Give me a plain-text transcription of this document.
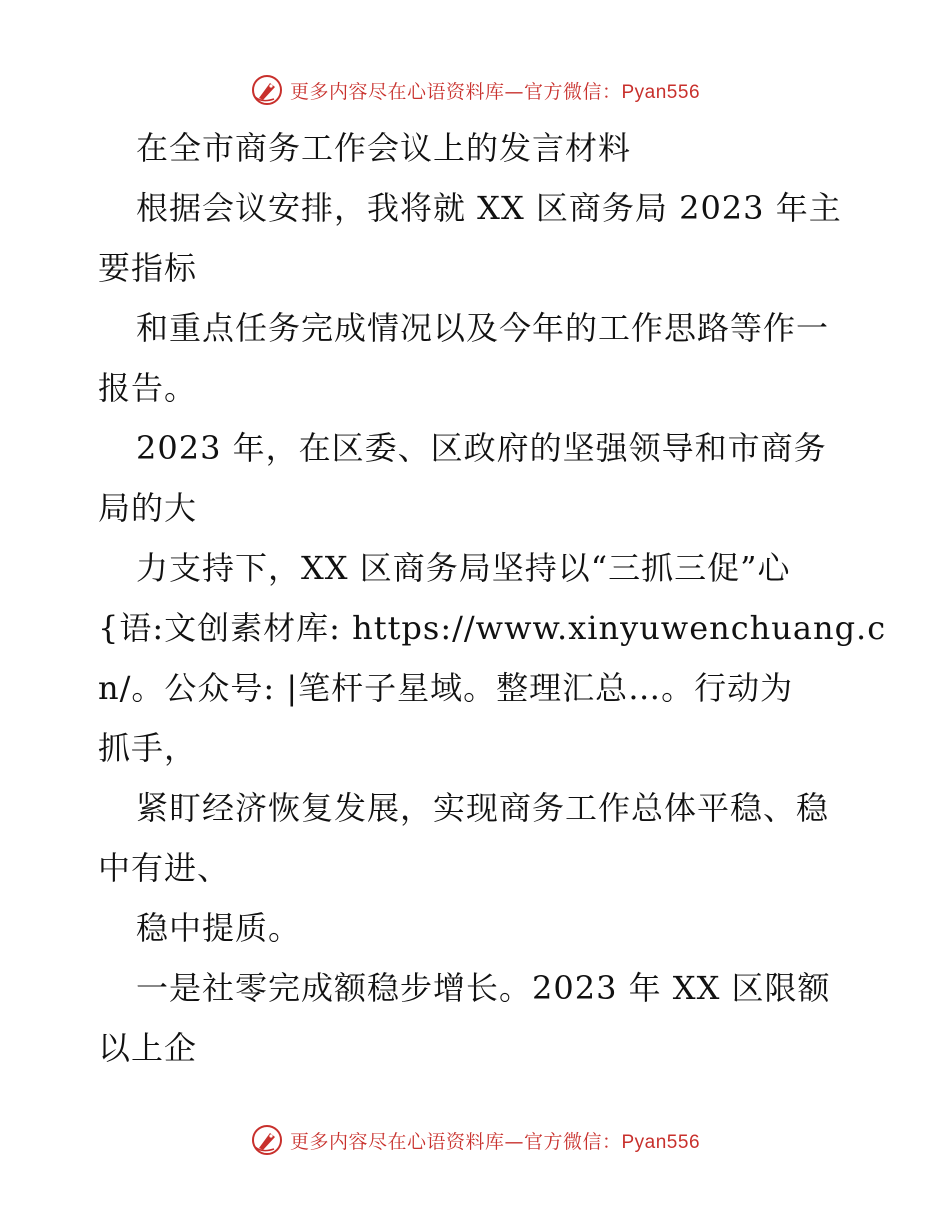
更多内容尽在心语资料库—官方微信：Pyan556
在全市商务工作会议上的发言材料
根据会议安排，我将就 XX 区商务局 2023 年主
要指标
和重点任务完成情况以及今年的工作思路等作一
报告。
2023 年，在区委、区政府的坚强领导和市商务
局的大
力支持下，XX 区商务局坚持以“三抓三促”心
{语:文创素材库: https://www.xinyuwenchuang.c
n/。公众号: |笔杆子星域。整理汇总…。行动为
抓手，
紧盯经济恢复发展，实现商务工作总体平稳、稳
中有进、
稳中提质。
一是社零完成额稳步增长。2023 年 XX 区限额
以上企
更多内容尽在心语资料库—官方微信：Pyan556
